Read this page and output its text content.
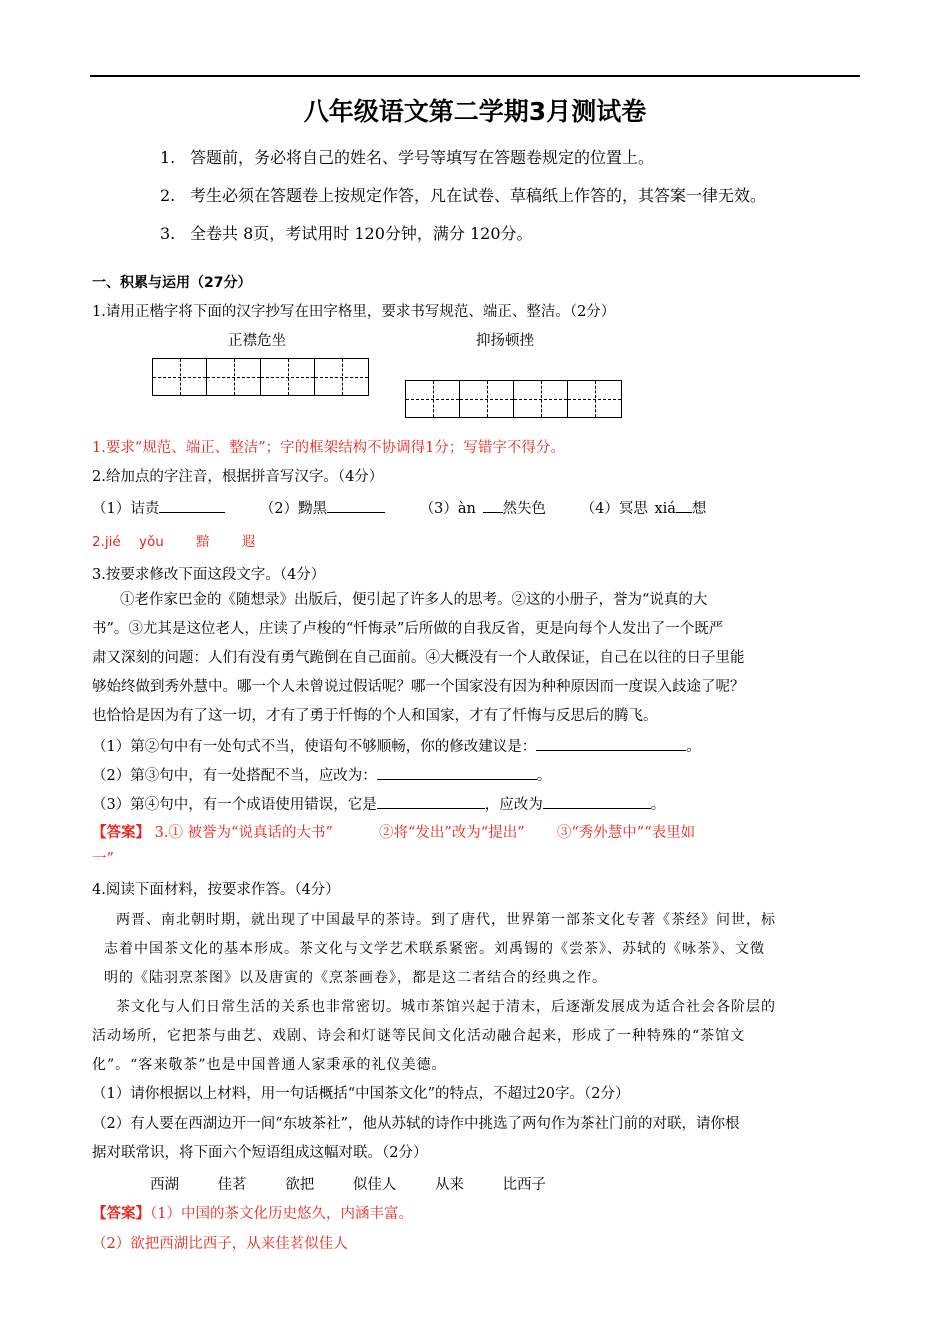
八年级语文第二学期3月测试卷
1. 答题前，务必将自己的姓名、学号等填写在答题卷规定的位置上。
2. 考生必须在答题卷上按规定作答，凡在试卷、草稿纸上作答的，其答案一律无效。
3. 全卷共 8页，考试用时 120分钟，满分 120分。
一、积累与运用（27分）
1.请用正楷字将下面的汉字抄写在田字格里，要求书写规范、端正、整洁。（2分）
正襟危坐	抑扬顿挫
1.要求“规范、端正、整洁”；字的框架结构不协调得1分；写错字不得分。
2.给加点的字注音，根据拼音写汉字。（4分）
（1）诘责	（2）黝黑	（3）àn 然失色 （4）冥思 xiá 想
2.jié yǒu 黯 遐
3.按要求修改下面这段文字。（4分）
①老作家巴金的《随想录》出版后，便引起了许多人的思考。②这的小册子，誉为“说真的大
书”。③尤其是这位老人，庄读了卢梭的“忏悔录”后所做的自我反省，更是向每个人发出了一个既严
肃又深刻的问题：人们有没有勇气跪倒在自己面前。④大概没有一个人敢保证，自己在以往的日子里能
够始终做到秀外慧中。哪一个人未曾说过假话呢？哪一个国家没有因为种种原因而一度误入歧途了呢？
也恰恰是因为有了这一切，才有了勇于忏悔的个人和国家，才有了忏悔与反思后的腾飞。
（1）第②句中有一处句式不当，使语句不够顺畅，你的修改建议是：	。
（2）第③句中，有一处搭配不当，应改为：	。
（3）第④句中，有一个成语使用错误，它是	，应改为	。
【答案】 3.① 被誉为“说真话的大书”          ②将“发出”改为“提出”       ③“秀外慧中”“表里如
一”
4.阅读下面材料，按要求作答。（4分）
两晋、南北朝时期，就出现了中国最早的茶诗。到了唐代，世界第一部茶文化专著《茶经》问世，标
志着中国茶文化的基本形成。茶文化与文学艺术联系紧密。刘禹锡的《尝茶》、苏轼的《咏茶》、文徵
明的《陆羽烹茶图》以及唐寅的《烹茶画卷》，都是这二者结合的经典之作。
茶文化与人们日常生活的关系也非常密切。城市茶馆兴起于清末，后逐渐发展成为适合社会各阶层的
活动场所，它把茶与曲艺、戏剧、诗会和灯谜等民间文化活动融合起来，形成了一种特殊的“茶馆文
化”。“客来敬茶”也是中国普通人家秉承的礼仪美德。
（1）请你根据以上材料，用一句话概括“中国茶文化”的特点，不超过20字。（2分）
（2）有人要在西湖边开一间“东坡茶社”，他从苏轼的诗作中挑选了两句作为茶社门前的对联，请你根
据对联常识，将下面六个短语组成这幅对联。（2分）
西湖	佳茗	欲把	似佳人	从来	比西子
【答案】（1）中国的茶文化历史悠久，内涵丰富。
（2）欲把西湖比西子，从来佳茗似佳人
